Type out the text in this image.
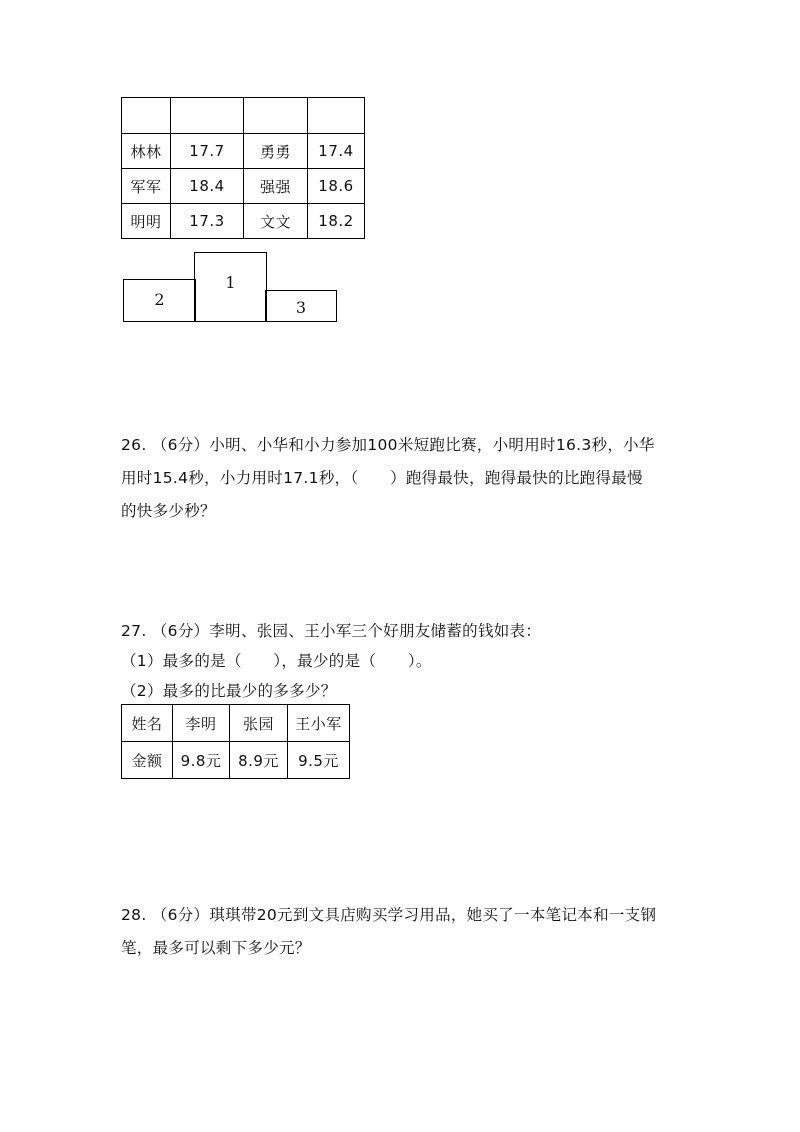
林林	17.7	勇勇	17.4
军军	18.4	强强	18.6
明明	17.3	文文	18.2
2
1
3
26. （6分）小明、小华和小力参加100米短跑比赛，小明用时16.3秒，小华
用时15.4秒，小力用时17.1秒，（　　）跑得最快，跑得最快的比跑得最慢
的快多少秒？
27. （6分）李明、张园、王小军三个好朋友储蓄的钱如表：
（1）最多的是（　　），最少的是（　　）。
（2）最多的比最少的多多少？
姓名	李明	张园	王小军
金额	9.8元	8.9元	9.5元
28. （6分）琪琪带20元到文具店购买学习用品，她买了一本笔记本和一支钢
笔，最多可以剩下多少元？
